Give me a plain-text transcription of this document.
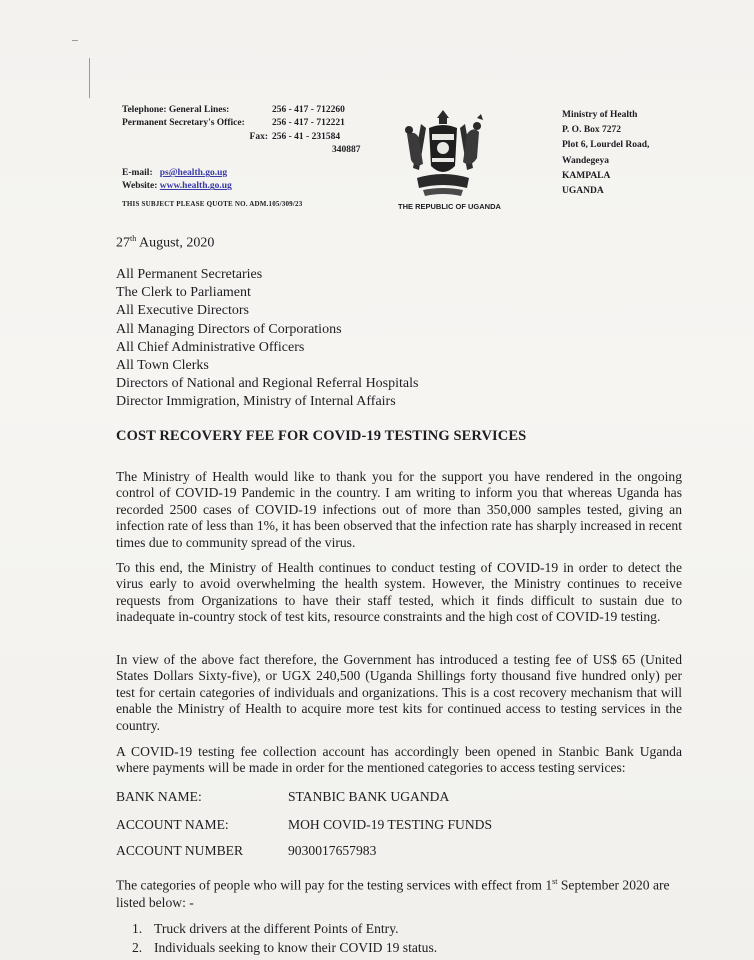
Telephone: General Lines:	256 - 417 - 712260
Permanent Secretary's Office:	256 - 417 - 712221
Fax: 256 - 41 - 231584
340887
E-mail:
ps@health.go.ug
Website:
www.health.go.ug
THIS SUBJECT PLEASE QUOTE NO. ADM.105/309/23	THE REPUBLIC OF UGANDA
Ministry of Health
P. O. Box 7272
Plot 6, Lourdel Road,
Wandegeya
KAMPALA
UGANDA
27th August, 2020
All Permanent Secretaries
The Clerk to Parliament
All Executive Directors
All Managing Directors of Corporations
All Chief Administrative Officers
All Town Clerks
Directors of National and Regional Referral Hospitals
Director Immigration, Ministry of Internal Affairs
COST RECOVERY FEE FOR COVID-19 TESTING SERVICES
The Ministry of Health would like to thank you for the support you have rendered in the ongoing control of COVID-19 Pandemic in the country. I am writing to inform you that whereas Uganda has recorded 2500 cases of COVID-19 infections out of more than 350,000 samples tested, giving an infection rate of less than 1%, it has been observed that the infection rate has sharply increased in recent times due to community spread of the virus.
To this end, the Ministry of Health continues to conduct testing of COVID-19 in order to detect the virus early to avoid overwhelming the health system. However, the Ministry continues to receive requests from Organizations to have their staff tested, which it finds difficult to sustain due to inadequate in-country stock of test kits, resource constraints and the high cost of COVID-19 testing.
In view of the above fact therefore, the Government has introduced a testing fee of US$ 65 (United States Dollars Sixty-five), or UGX 240,500 (Uganda Shillings forty thousand five hundred only) per test for certain categories of individuals and organizations. This is a cost recovery mechanism that will enable the Ministry of Health to acquire more test kits for continued access to testing services in the country.
A COVID-19 testing fee collection account has accordingly been opened in Stanbic Bank Uganda where payments will be made in order for the mentioned categories to access testing services:
BANK NAME:	STANBIC BANK UGANDA
ACCOUNT NAME:	MOH COVID-19 TESTING FUNDS
ACCOUNT NUMBER	9030017657983
The categories of people who will pay for the testing services with effect from 1st September 2020 are listed below: -
1. Truck drivers at the different Points of Entry.
2. Individuals seeking to know their COVID 19 status.
